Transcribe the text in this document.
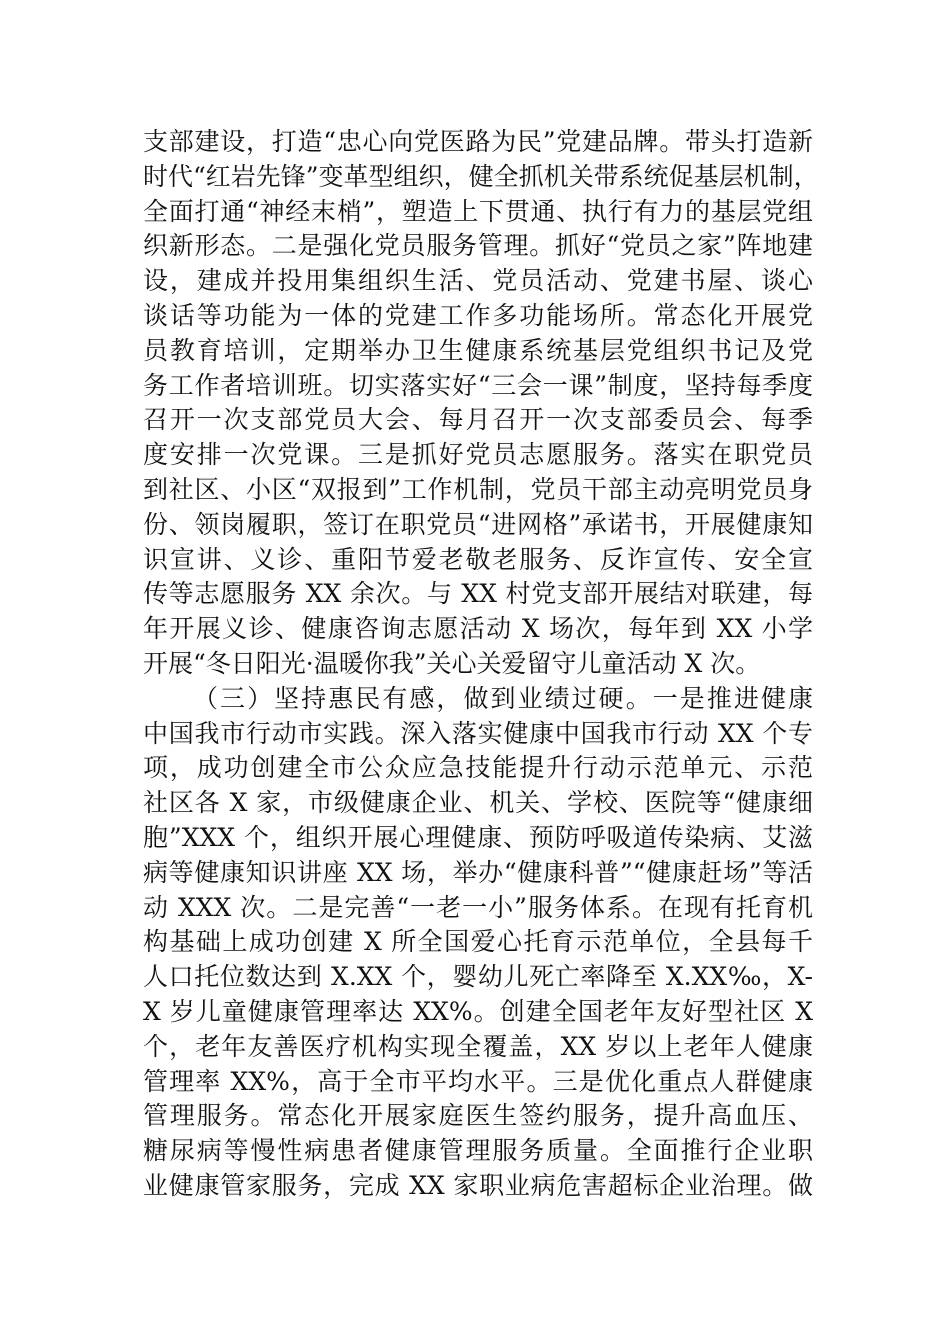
支部建设，打造“忠心向党医路为民”党建品牌。带头打造新
时代“红岩先锋”变革型组织，健全抓机关带系统促基层机制，
全面打通“神经末梢”，塑造上下贯通、执行有力的基层党组
织新形态。二是强化党员服务管理。抓好“党员之家”阵地建
设，建成并投用集组织生活、党员活动、党建书屋、谈心
谈话等功能为一体的党建工作多功能场所。常态化开展党
员教育培训，定期举办卫生健康系统基层党组织书记及党
务工作者培训班。切实落实好“三会一课”制度，坚持每季度
召开一次支部党员大会、每月召开一次支部委员会、每季
度安排一次党课。三是抓好党员志愿服务。落实在职党员
到社区、小区“双报到”工作机制，党员干部主动亮明党员身
份、领岗履职，签订在职党员“进网格”承诺书，开展健康知
识宣讲、义诊、重阳节爱老敬老服务、反诈宣传、安全宣
传等志愿服务 XX 余次。与 XX 村党支部开展结对联建，每
年开展义诊、健康咨询志愿活动 X 场次，每年到 XX 小学
开展“冬日阳光·温暖你我”关心关爱留守儿童活动 X 次。
（三）坚持惠民有感，做到业绩过硬。一是推进健康
中国我市行动市实践。深入落实健康中国我市行动 XX 个专
项，成功创建全市公众应急技能提升行动示范单元、示范
社区各 X 家，市级健康企业、机关、学校、医院等“健康细
胞”XXX 个，组织开展心理健康、预防呼吸道传染病、艾滋
病等健康知识讲座 XX 场，举办“健康科普”“健康赶场”等活
动 XXX 次。二是完善“一老一小”服务体系。在现有托育机
构基础上成功创建 X 所全国爱心托育示范单位，全县每千
人口托位数达到 X.XX 个，婴幼儿死亡率降至 X.XX‰，X-
X 岁儿童健康管理率达 XX%。创建全国老年友好型社区 X
个，老年友善医疗机构实现全覆盖，XX 岁以上老年人健康
管理率 XX%，高于全市平均水平。三是优化重点人群健康
管理服务。常态化开展家庭医生签约服务，提升高血压、
糖尿病等慢性病患者健康管理服务质量。全面推行企业职
业健康管家服务，完成 XX 家职业病危害超标企业治理。做
